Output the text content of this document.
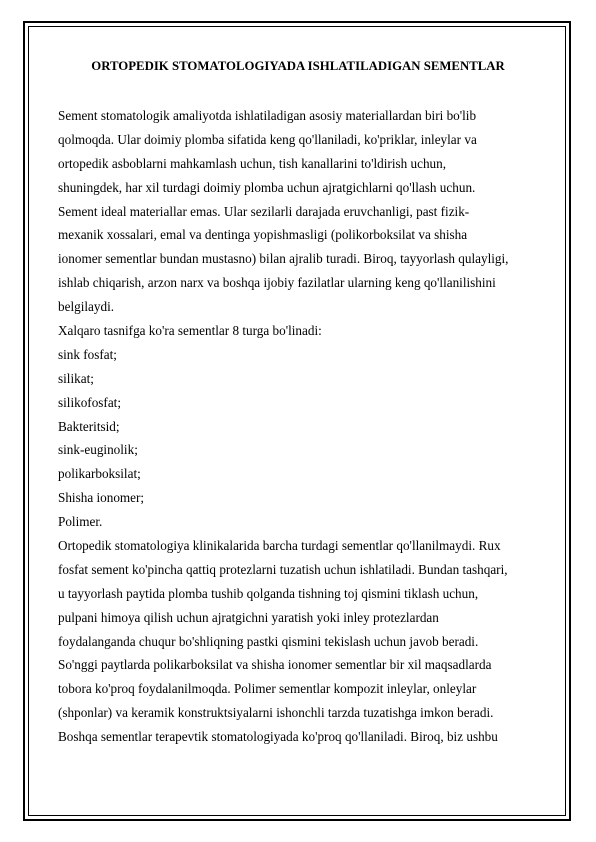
ORTOPEDIK STOMATOLOGIYADA ISHLATILADIGAN SEMENTLAR
Sement stomatologik amaliyotda ishlatiladigan asosiy materiallardan biri bo'lib
qolmoqda. Ular doimiy plomba sifatida keng qo'llaniladi, ko'priklar, inleylar va
ortopedik asboblarni mahkamlash uchun, tish kanallarini to'ldirish uchun,
shuningdek, har xil turdagi doimiy plomba uchun ajratgichlarni qo'llash uchun.
Sement ideal materiallar emas. Ular sezilarli darajada eruvchanligi, past fizik-
mexanik xossalari, emal va dentinga yopishmasligi (polikorboksilat va shisha
ionomer sementlar bundan mustasno) bilan ajralib turadi. Biroq, tayyorlash qulayligi,
ishlab chiqarish, arzon narx va boshqa ijobiy fazilatlar ularning keng qo'llanilishini
belgilaydi.
Xalqaro tasnifga ko'ra sementlar 8 turga bo'linadi:
sink fosfat;
silikat;
silikofosfat;
Bakteritsid;
sink-euginolik;
polikarboksilat;
Shisha ionomer;
Polimer.
Ortopedik stomatologiya klinikalarida barcha turdagi sementlar qo'llanilmaydi. Rux
fosfat sement ko'pincha qattiq protezlarni tuzatish uchun ishlatiladi. Bundan tashqari,
u tayyorlash paytida plomba tushib qolganda tishning toj qismini tiklash uchun,
pulpani himoya qilish uchun ajratgichni yaratish yoki inley protezlardan
foydalanganda chuqur bo'shliqning pastki qismini tekislash uchun javob beradi.
So'nggi paytlarda polikarboksilat va shisha ionomer sementlar bir xil maqsadlarda
tobora ko'proq foydalanilmoqda. Polimer sementlar kompozit inleylar, onleylar
(shponlar) va keramik konstruktsiyalarni ishonchli tarzda tuzatishga imkon beradi.
Boshqa sementlar terapevtik stomatologiyada ko'proq qo'llaniladi. Biroq, biz ushbu
